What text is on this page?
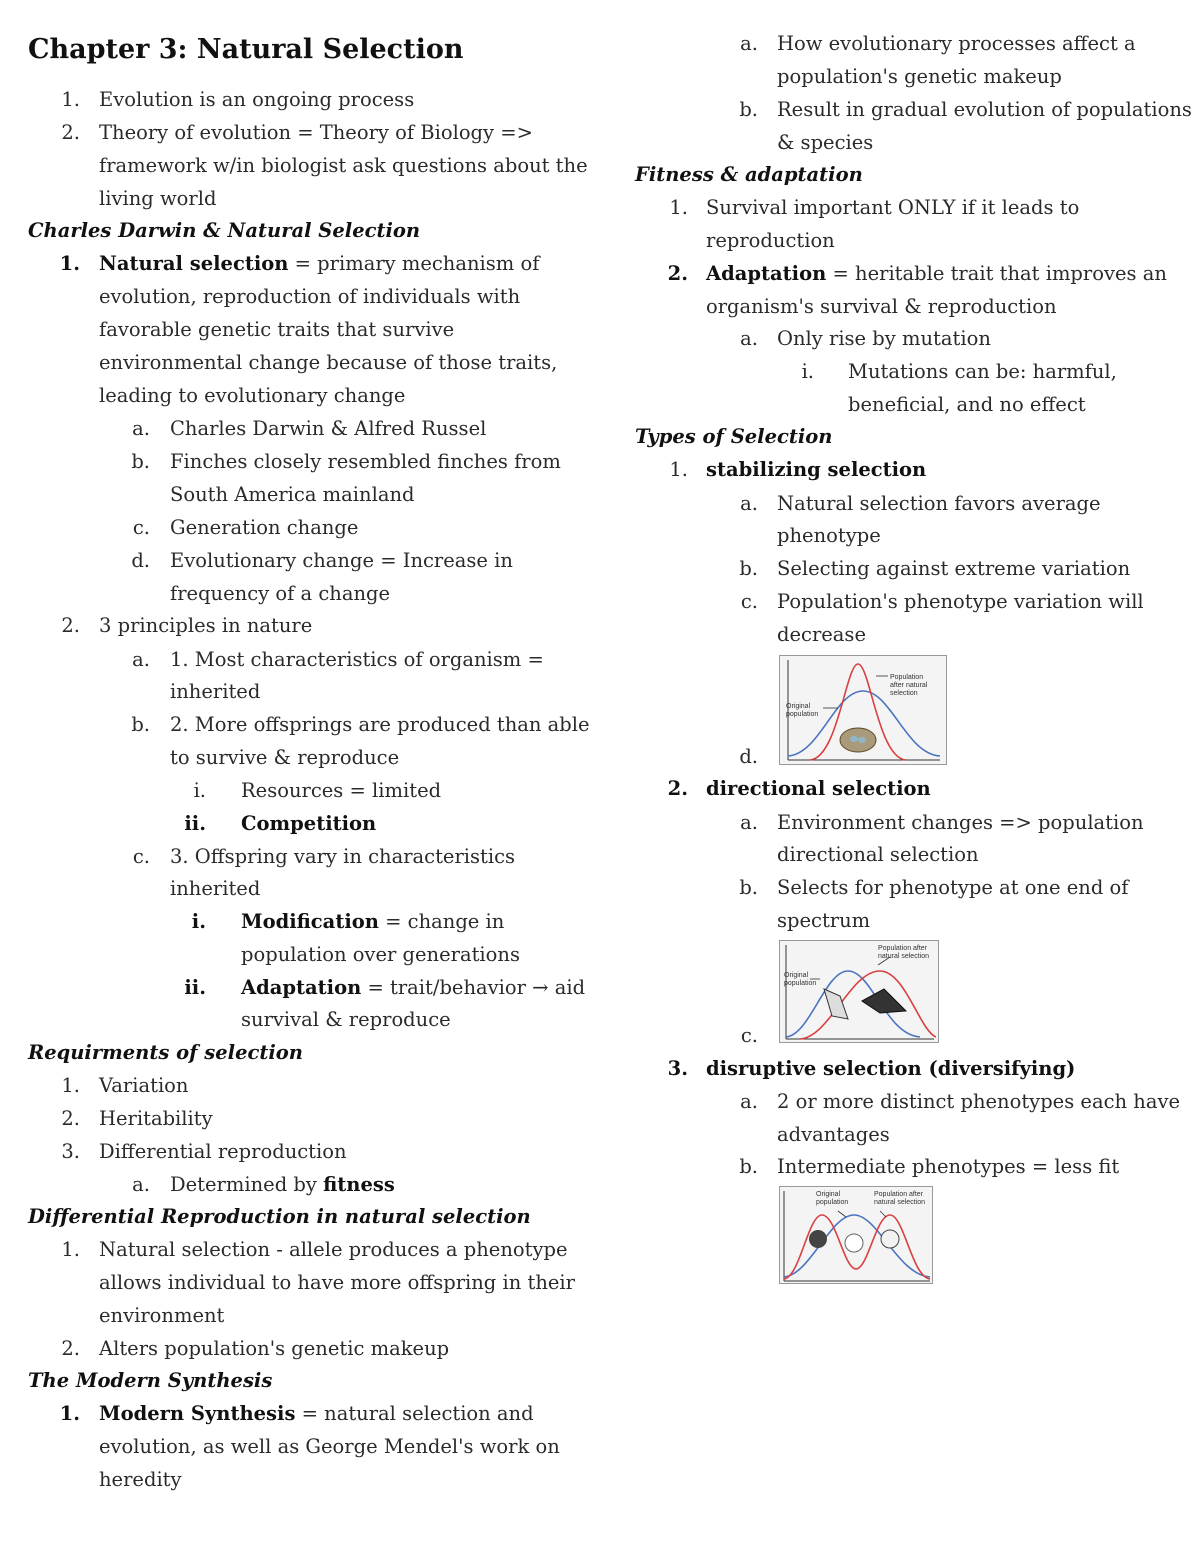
Chapter 3: Natural Selection
1. Evolution is an ongoing process
2. Theory of evolution = Theory of Biology =>
framework w/in biologist ask questions about the
living world
Charles Darwin & Natural Selection
1. Natural selection = primary mechanism of
evolution, reproduction of individuals with
favorable genetic traits that survive
environmental change because of those traits,
leading to evolutionary change
a. Charles Darwin & Alfred Russel
b. Finches closely resembled finches from
South America mainland
c. Generation change
d. Evolutionary change = Increase in
frequency of a change
2. 3 principles in nature
a. 1. Most characteristics of organism =
inherited
b. 2. More offsprings are produced than able
to survive & reproduce
i. Resources = limited
ii. Competition
c. 3. Offspring vary in characteristics
inherited
i. Modification = change in
population over generations
ii. Adaptation = trait/behavior → aid
survival & reproduce
Requirments of selection
1. Variation
2. Heritability
3. Differential reproduction
a. Determined by fitness
Differential Reproduction in natural selection
1. Natural selection - allele produces a phenotype
allows individual to have more offspring in their
environment
2. Alters population's genetic makeup
The Modern Synthesis
1. Modern Synthesis = natural selection and
evolution, as well as George Mendel's work on
heredity
a. How evolutionary processes affect a
population's genetic makeup
b. Result in gradual evolution of populations
& species
Fitness & adaptation
1. Survival important ONLY if it leads to
reproduction
2. Adaptation = heritable trait that improves an
organism's survival & reproduction
a. Only rise by mutation
i. Mutations can be: harmful,
beneficial, and no effect
Types of Selection
1. stabilizing selection
a. Natural selection favors average
phenotype
b. Selecting against extreme variation
c. Population's phenotype variation will
decrease
d.
Population after natural selection
Original population
2. directional selection
a. Environment changes => population
directional selection
b. Selects for phenotype at one end of
spectrum
c.
Population after natural selection
Original population
3. disruptive selection (diversifying)
a. 2 or more distinct phenotypes each have
advantages
b. Intermediate phenotypes = less fit
Original population
Population after natural selection
